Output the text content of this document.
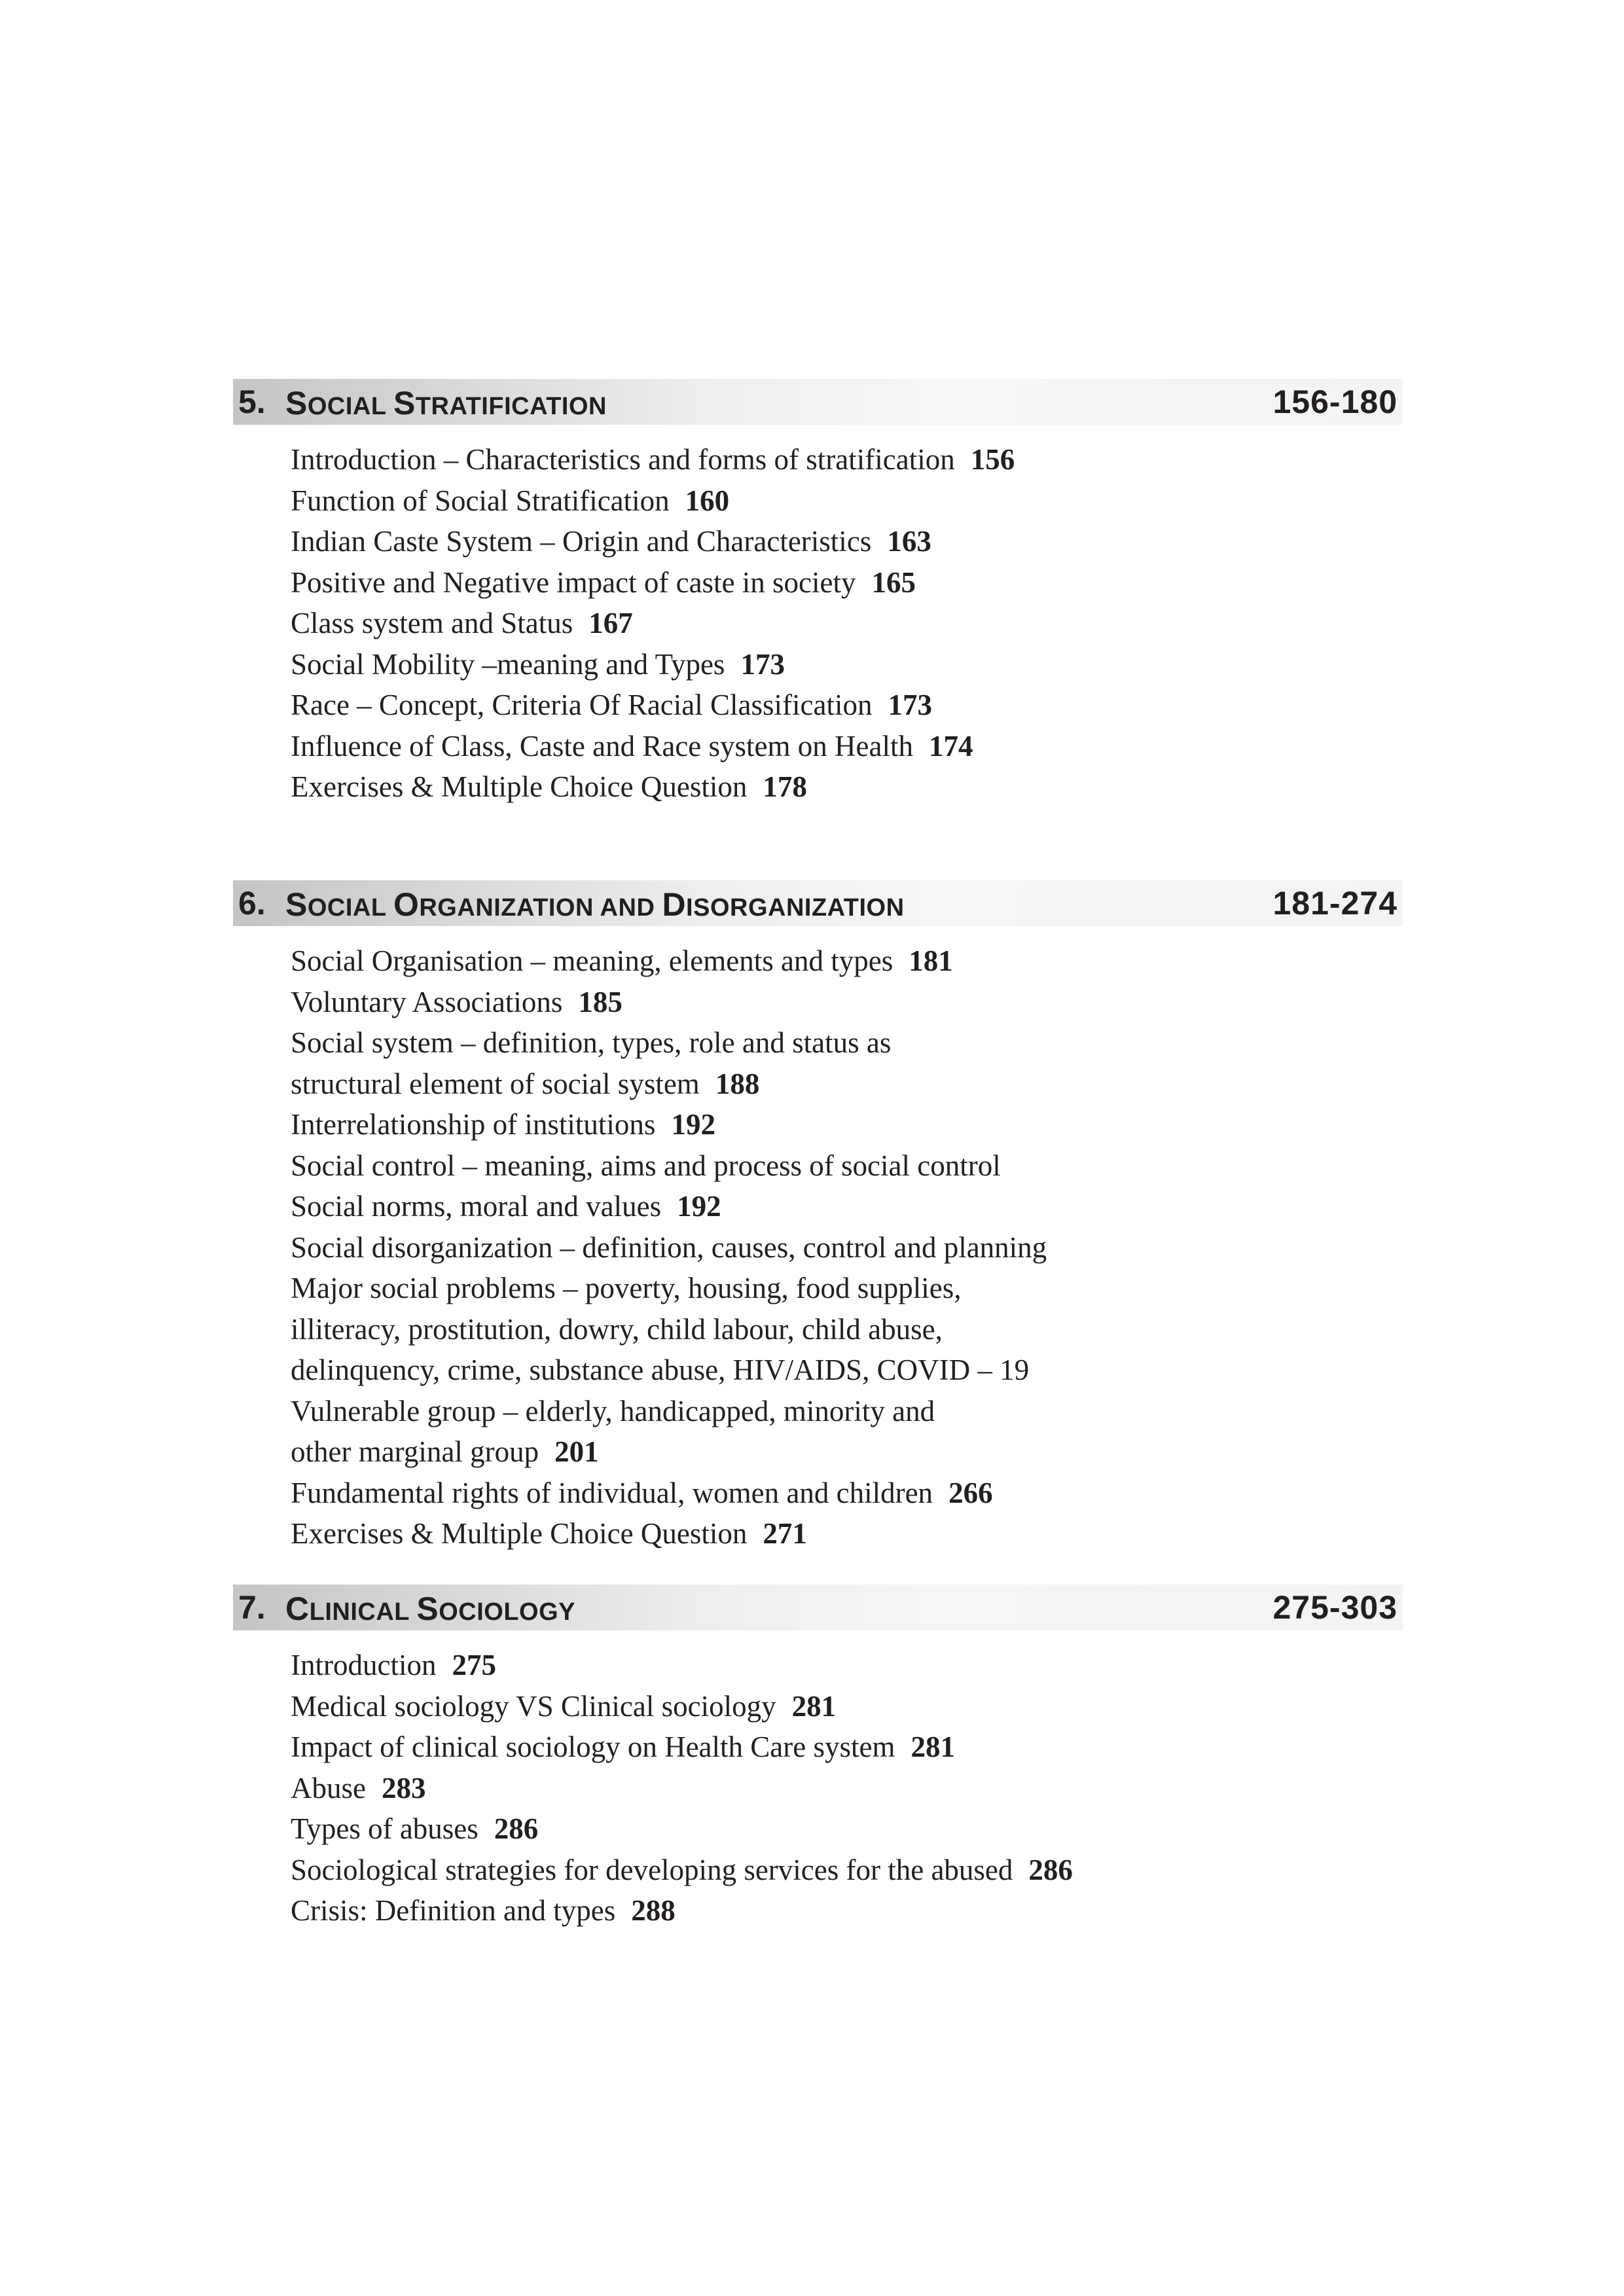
5. SOCIAL STRATIFICATION	156-180
Introduction – Characteristics and forms of stratification 156
Function of Social Stratification 160
Indian Caste System – Origin and Characteristics 163
Positive and Negative impact of caste in society 165
Class system and Status 167
Social Mobility –meaning and Types 173
Race – Concept, Criteria Of Racial Classification 173
Influence of Class, Caste and Race system on Health 174
Exercises & Multiple Choice Question 178
6. SOCIAL ORGANIZATION AND DISORGANIZATION	181-274
Social Organisation – meaning, elements and types 181
Voluntary Associations 185
Social system – definition, types, role and status as
structural element of social system 188
Interrelationship of institutions 192
Social control – meaning, aims and process of social control
Social norms, moral and values 192
Social disorganization – definition, causes, control and planning
Major social problems – poverty, housing, food supplies,
illiteracy, prostitution, dowry, child labour, child abuse,
delinquency, crime, substance abuse, HIV/AIDS, COVID – 19
Vulnerable group – elderly, handicapped, minority and
other marginal group 201
Fundamental rights of individual, women and children 266
Exercises & Multiple Choice Question 271
7. CLINICAL SOCIOLOGY	275-303
Introduction 275
Medical sociology VS Clinical sociology 281
Impact of clinical sociology on Health Care system 281
Abuse 283
Types of abuses 286
Sociological strategies for developing services for the abused 286
Crisis: Definition and types 288
